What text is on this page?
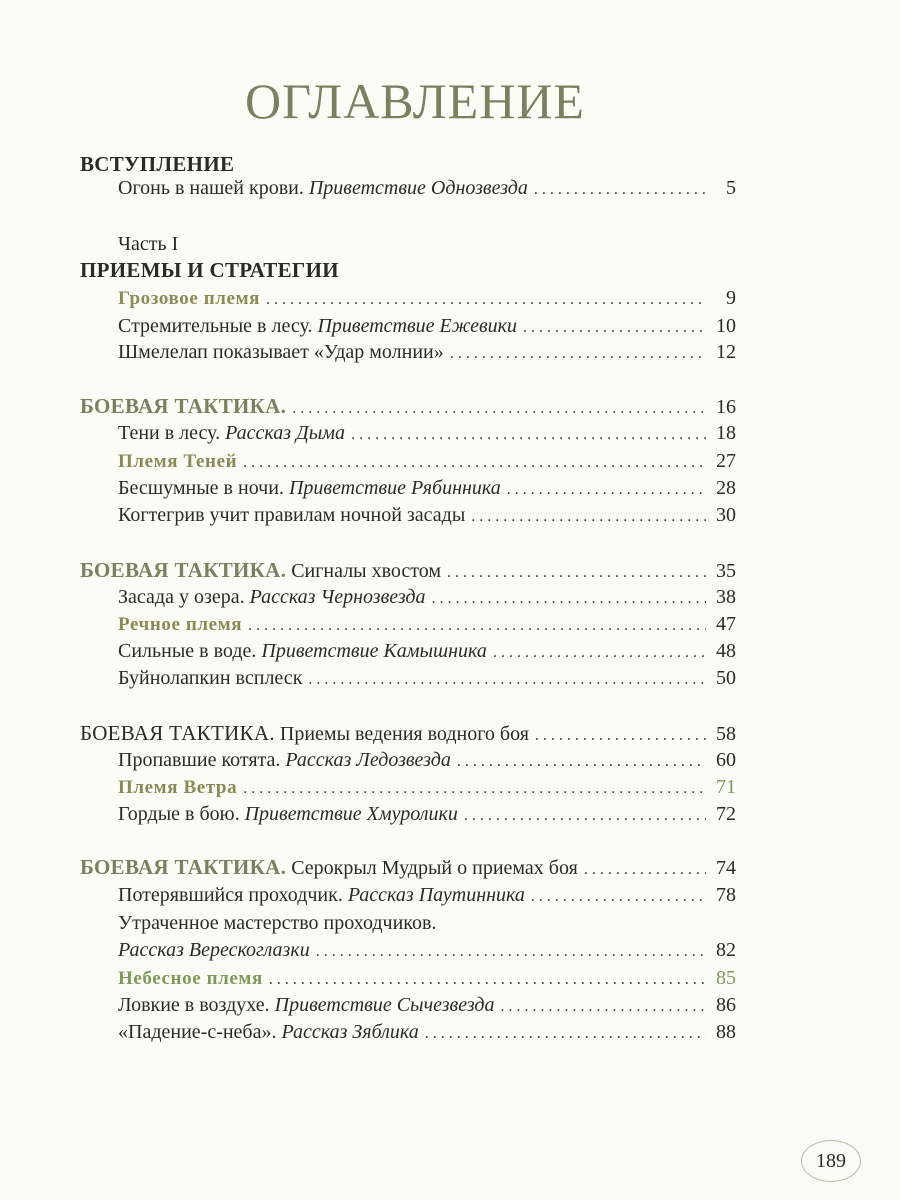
ОГЛАВЛЕНИЕ
ВСТУПЛЕНИЕ
Огонь в нашей крови. Приветствие Однозвезда . . .	5
Часть I
ПРИЕМЫ И СТРАТЕГИИ
Грозовое племя . . .	9
Стремительные в лесу. Приветствие Ежевики . . .	10
Шмелелап показывает «Удар молнии» . . .	12
БОЕВАЯ ТАКТИКА. . . .	16
Тени в лесу. Рассказ Дыма . . .	18
Племя Теней . . .	27
Бесшумные в ночи. Приветствие Рябинника . . .	28
Когтегрив учит правилам ночной засады . . .	30
БОЕВАЯ ТАКТИКА. Сигналы хвостом . . .	35
Засада у озера. Рассказ Чернозвезда . . .	38
Речное племя . . .	47
Сильные в воде. Приветствие Камышника . . .	48
Буйнолапкин всплеск . . .	50
БОЕВАЯ ТАКТИКА. Приемы ведения водного боя . . .	58
Пропавшие котята. Рассказ Ледозвезда . . .	60
Племя Ветра . . .	71
Гордые в бою. Приветствие Хмуролики . . .	72
БОЕВАЯ ТАКТИКА. Серокрыл Мудрый о приемах боя . . .	74
Потерявшийся проходчик. Рассказ Паутинника . . .	78
Утраченное мастерство проходчиков.
Рассказ Верескоглазки . . .	82
Небесное племя . . .	85
Ловкие в воздухе. Приветствие Сычезвезда . . .	86
«Падение-с-неба». Рассказ Зяблика . . .	88
189
